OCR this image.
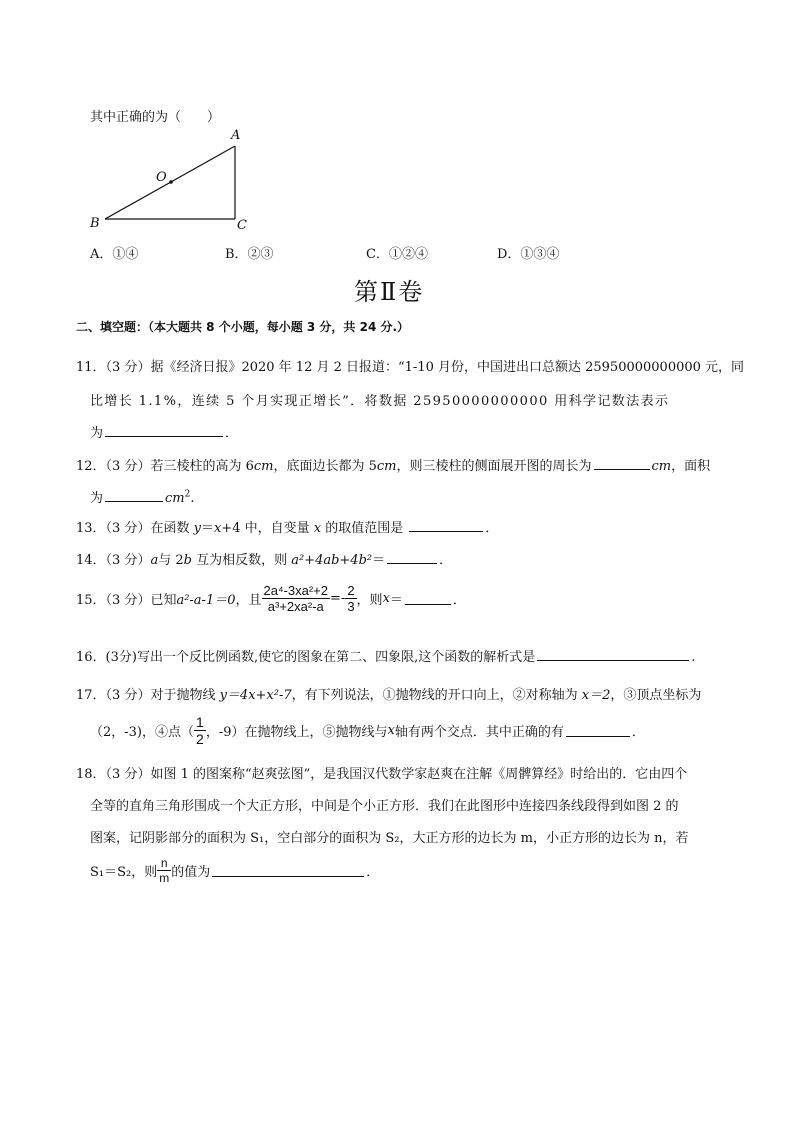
其中正确的为（　　）
A
B	C
O
A．①④	B．②③	C．①②④	D．①③④
第Ⅱ卷
二、填空题：（本大题共 8 个小题，每小题 3 分，共 24 分.）
11．（3 分）据《经济日报》2020 年 12 月 2 日报道：“1-10 月份，中国进出口总额达 25950000000000 元，同
比增长 1.1%，连续 5 个月实现正增长”．将数据 25950000000000 用科学记数法表示
为	．
12．（3 分）若三棱柱的高为 6cm，底面边长都为 5cm，则三棱柱的侧面展开图的周长为	cm，面积
为	$cm^2$.
13．（3 分）在函数 y＝x+4 中，自变量 x 的取值范围是	．
14．（3 分）a与 2b 互为相反数，则 a²+4ab+4b²＝	．
15．（3 分）已知 a²-a-1＝0 ，且 $\frac{\text{2a⁴-3xa²+2}}{\text{a³+2xa²-a}} =- \frac{2}{3}$ ，则 x ＝	．
16．(3分)写出一个反比例函数,使它的图象在第二、四象限,这个函数的解析式是	.
17．（3 分）对于抛物线 y＝4x+x²-7，有下列说法，①抛物线的开口向上，②对称轴为 x＝2，③顶点坐标为
（2，-3)，④点（ $\frac{1}{2}$ ，-9）在抛物线上，⑤抛物线与 x 轴有两个交点．其中正确的有	．
18．（3 分）如图 1 的图案称“赵爽弦图”，是我国汉代数学家赵爽在注解《周髀算经》时给出的．它由四个
全等的直角三角形围成一个大正方形，中间是个小正方形．我们在此图形中连接四条线段得到如图 2 的
图案，记阴影部分的面积为 S₁，空白部分的面积为 S₂，大正方形的边长为 m，小正方形的边长为 n，若
S₁＝S₂，则 $\frac{n}{m}$ 的值为	．
